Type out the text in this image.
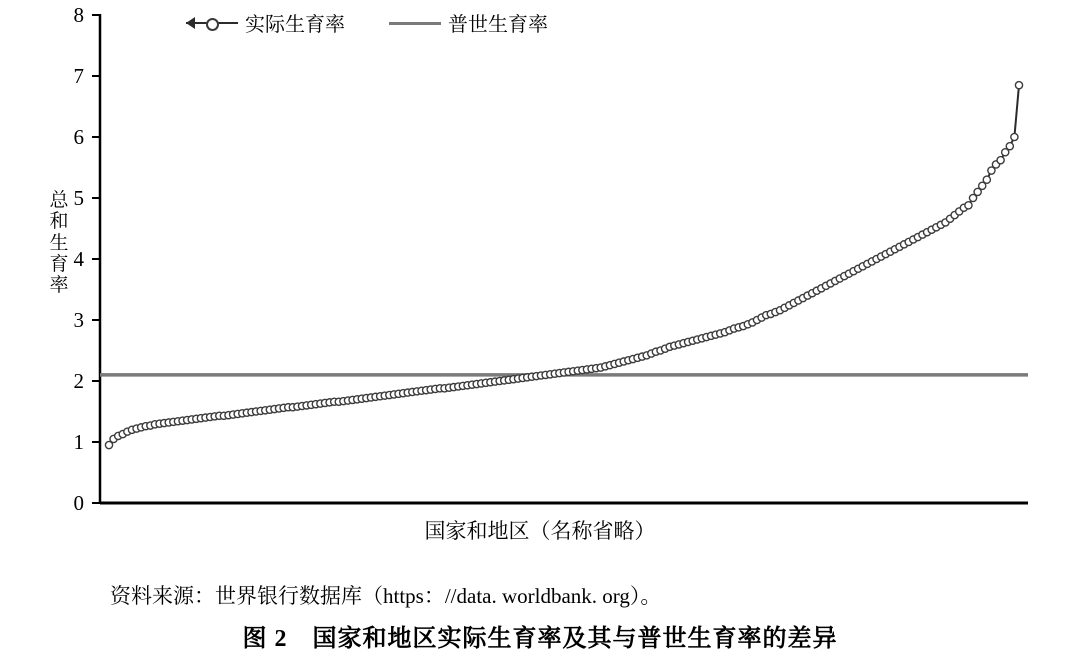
0
1
2
3
4
5
6
7
8	实际生育率	普世生育率
总和生育率
国家和地区（名称省略）
资料来源：世界银行数据库（https：//data. worldbank. org）。
图 2　国家和地区实际生育率及其与普世生育率的差异
